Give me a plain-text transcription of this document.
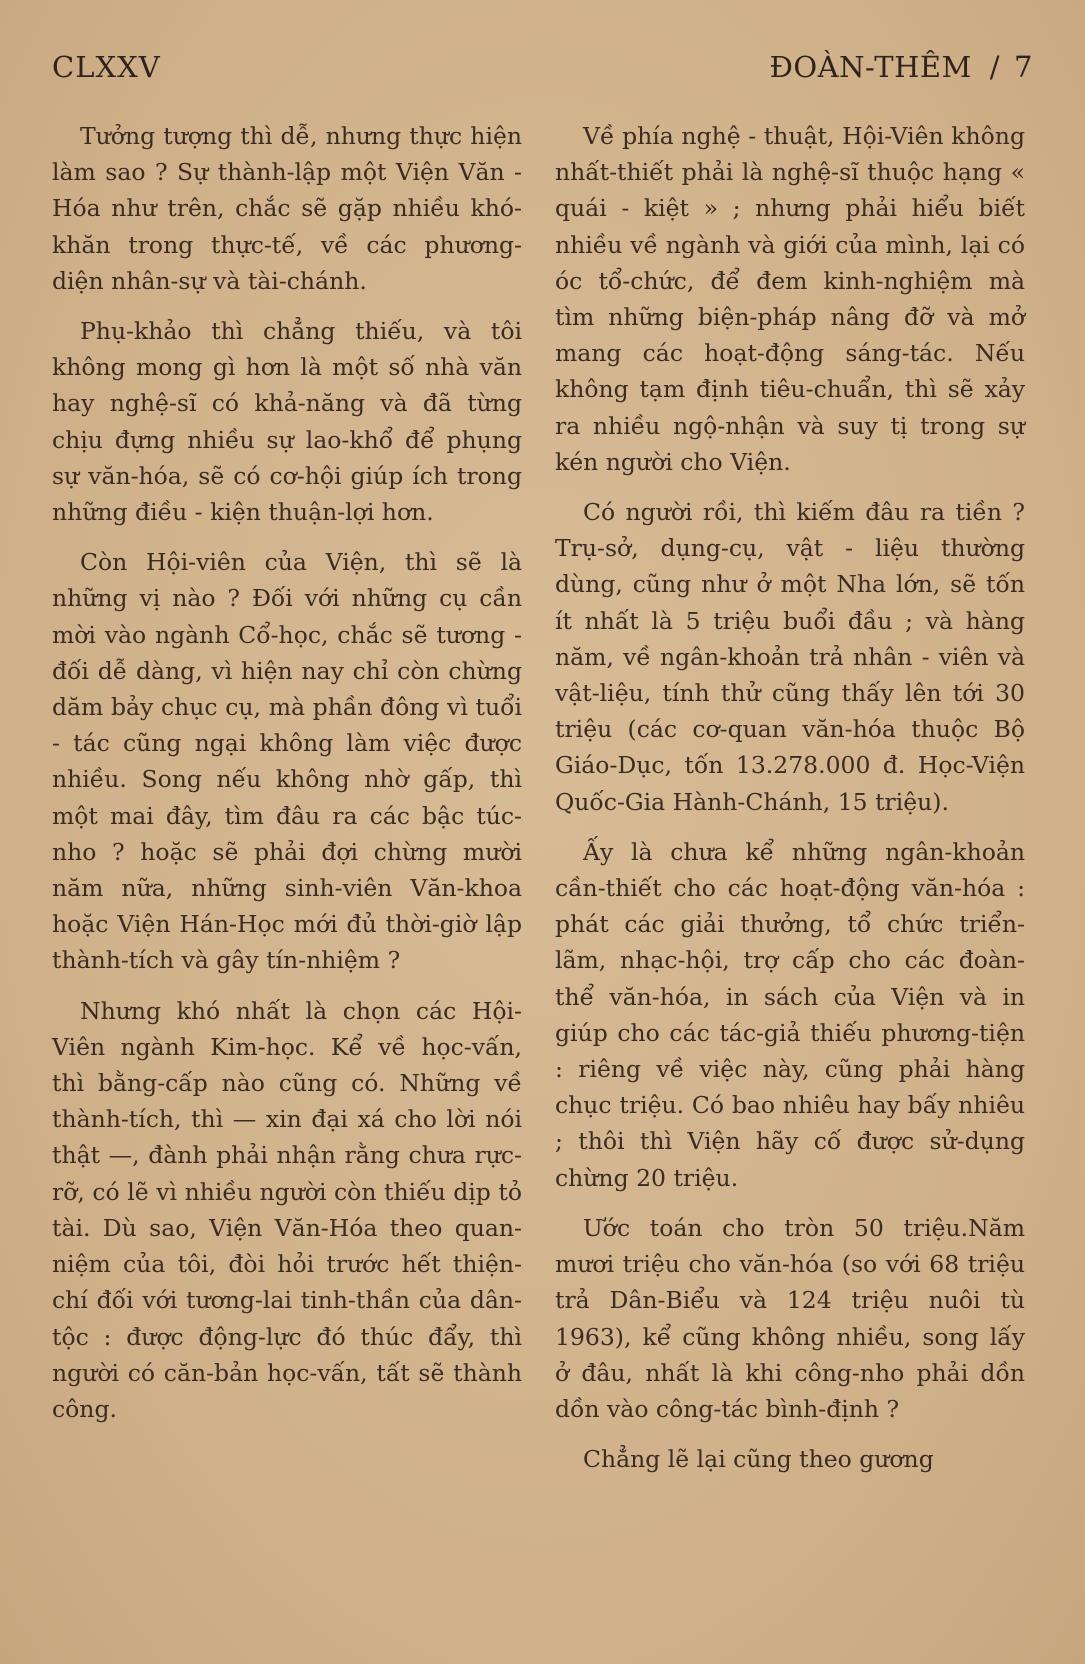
CLXXV	ĐOÀN-THÊM / 7

Tưởng tượng thì dễ, nhưng thực hiện làm sao ? Sự thành-lập một Viện Văn - Hóa như trên, chắc sẽ gặp nhiều khó-khăn trong thực-tế, về các phương-diện nhân-sự và tài-chánh.

Phụ-khảo thì chẳng thiếu, và tôi không mong gì hơn là một số nhà văn hay nghệ-sĩ có khả-năng và đã từng chịu đựng nhiều sự lao-khổ để phụng sự văn-hóa, sẽ có cơ-hội giúp ích trong những điều - kiện thuận-lợi hơn.

Còn Hội-viên của Viện, thì sẽ là những vị nào ? Đối với những cụ cần mời vào ngành Cổ-học, chắc sẽ tương - đối dễ dàng, vì hiện nay chỉ còn chừng dăm bảy chục cụ, mà phần đông vì tuổi - tác cũng ngại không làm việc được nhiều. Song nếu không nhờ gấp, thì một mai đây, tìm đâu ra các bậc túc-nho ? hoặc sẽ phải đợi chừng mười năm nữa, những sinh-viên Văn-khoa hoặc Viện Hán-Học mới đủ thời-giờ lập thành-tích và gây tín-nhiệm ?

Nhưng khó nhất là chọn các Hội-Viên ngành Kim-học. Kể về học-vấn, thì bằng-cấp nào cũng có. Những về thành-tích, thì — xin đại xá cho lời nói thật —, đành phải nhận rằng chưa rực-rỡ, có lẽ vì nhiều người còn thiếu dịp tỏ tài. Dù sao, Viện Văn-Hóa theo quan-niệm của tôi, đòi hỏi trước hết thiện-chí đối với tương-lai tinh-thần của dân-tộc : được động-lực đó thúc đẩy, thì người có căn-bản học-vấn, tất sẽ thành công.

Về phía nghệ - thuật, Hội-Viên không nhất-thiết phải là nghệ-sĩ thuộc hạng « quái - kiệt » ; nhưng phải hiểu biết nhiều về ngành và giới của mình, lại có óc tổ-chức, để đem kinh-nghiệm mà tìm những biện-pháp nâng đỡ và mở mang các hoạt-động sáng-tác. Nếu không tạm định tiêu-chuẩn, thì sẽ xảy ra nhiều ngộ-nhận và suy tị trong sự kén người cho Viện.

Có người rồi, thì kiếm đâu ra tiền ? Trụ-sở, dụng-cụ, vật - liệu thường dùng, cũng như ở một Nha lớn, sẽ tốn ít nhất là 5 triệu buổi đầu ; và hàng năm, về ngân-khoản trả nhân - viên và vật-liệu, tính thử cũng thấy lên tới 30 triệu (các cơ-quan văn-hóa thuộc Bộ Giáo-Dục, tốn 13.278.000 đ. Học-Viện Quốc-Gia Hành-Chánh, 15 triệu).

Ấy là chưa kể những ngân-khoản cần-thiết cho các hoạt-động văn-hóa : phát các giải thưởng, tổ chức triển-lãm, nhạc-hội, trợ cấp cho các đoàn-thể văn-hóa, in sách của Viện và in giúp cho các tác-giả thiếu phương-tiện : riêng về việc này, cũng phải hàng chục triệu. Có bao nhiêu hay bấy nhiêu ; thôi thì Viện hãy cố được sử-dụng chừng 20 triệu.

Ước toán cho tròn 50 triệu.Năm mươi triệu cho văn-hóa (so với 68 triệu trả Dân-Biểu và 124 triệu nuôi tù 1963), kể cũng không nhiều, song lấy ở đâu, nhất là khi công-nho phải dồn dồn vào công-tác bình-định ?

Chẳng lẽ lại cũng theo gương
